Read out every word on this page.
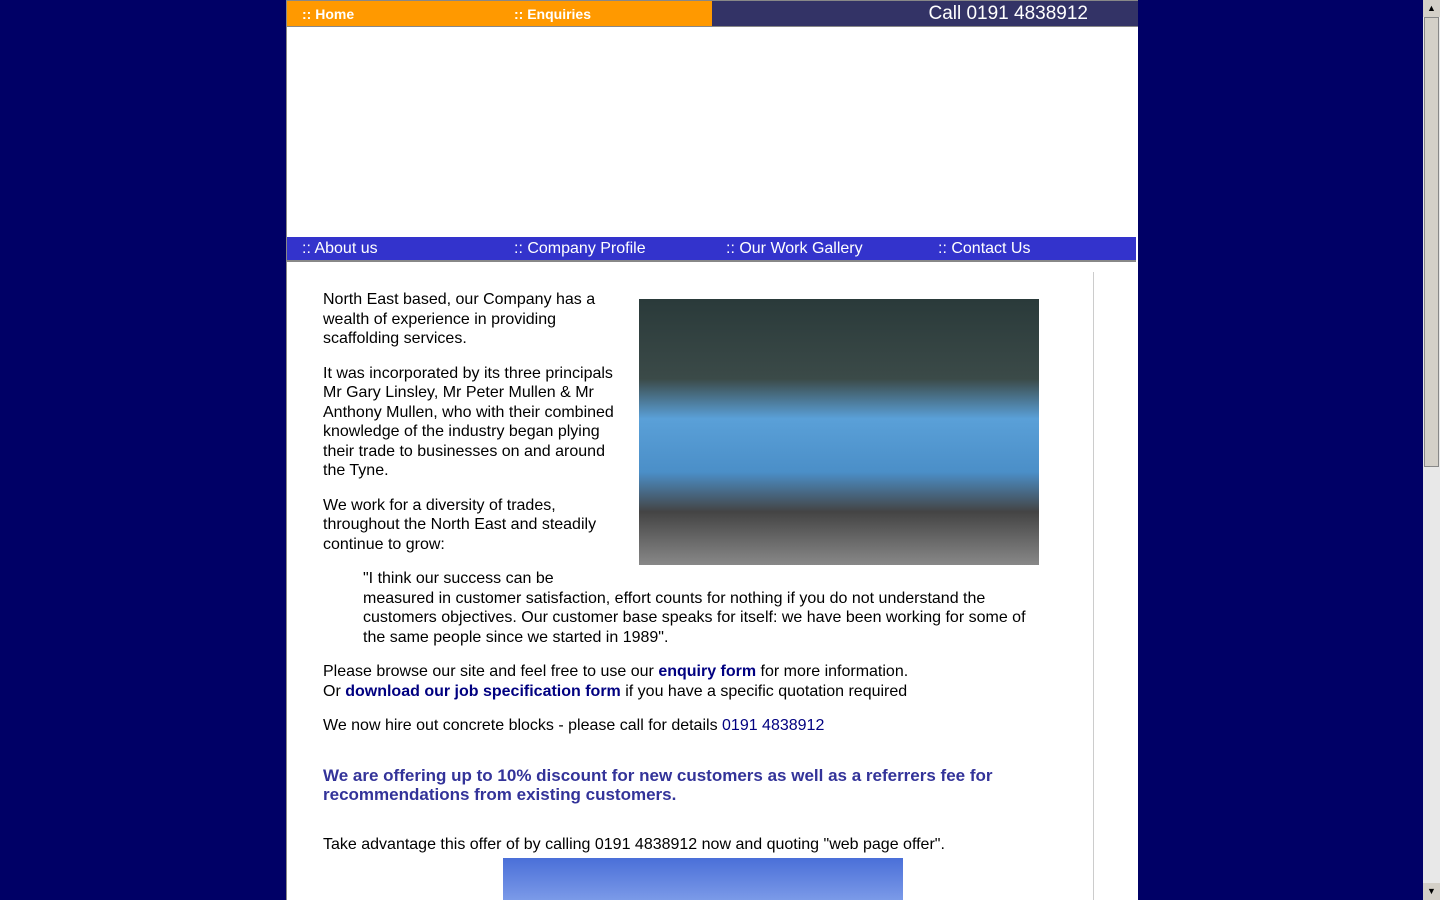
:: Home	:: Enquiries	Call 0191 4838912
:: About us	:: Company Profile	:: Our Work Gallery	:: Contact Us

North East based, our Company has a wealth of experience in providing scaffolding services.

It was incorporated by its three principals Mr Gary Linsley, Mr Peter Mullen & Mr Anthony Mullen, who with their combined knowledge of the industry began plying their trade to businesses on and around the Tyne.

We work for a diversity of trades, throughout the North East and steadily continue to grow:

"I think our success can be measured in customer satisfaction, effort counts for nothing if you do not understand the customers objectives. Our customer base speaks for itself: we have been working for some of the same people since we started in 1989".

Please browse our site and feel free to use our enquiry form for more information.
Or download our job specification form if you have a specific quotation required

We now hire out concrete blocks - please call for details 0191 4838912

We are offering up to 10% discount for new customers as well as a referrers fee for recommendations from existing customers.

Take advantage this offer of by calling 0191 4838912 now and quoting "web page offer".

▲
▼
